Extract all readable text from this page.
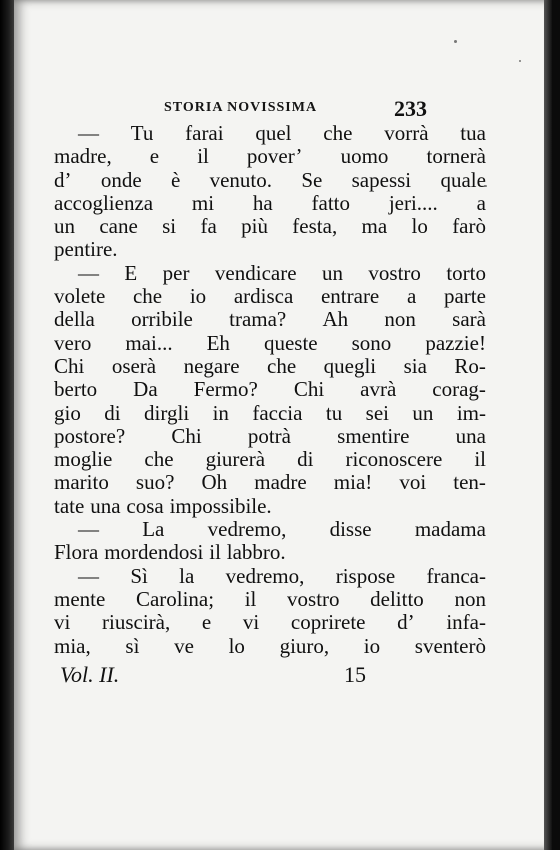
STORIA NOVISSIMA	233
— Tu farai quel che vorrà tua
madre, e il pover’ uomo tornerà
d’ onde è venuto. Se sapessi quale
accoglienza mi ha fatto jeri.... a
un cane si fa più festa, ma lo farò
pentire.
— E per vendicare un vostro torto
volete che io ardisca entrare a parte
della orribile trama? Ah non sarà
vero mai... Eh queste sono pazzie!
Chi oserà negare che quegli sia Ro-
berto Da Fermo? Chi avrà corag-
gio di dirgli in faccia tu sei un im-
postore? Chi potrà smentire una
moglie che giurerà di riconoscere il
marito suo? Oh madre mia! voi ten-
tate una cosa impossibile.
— La vedremo, disse madama
Flora mordendosi il labbro.
— Sì la vedremo, rispose franca-
mente Carolina; il vostro delitto non
vi riuscirà, e vi coprirete d’ infa-
mia, sì ve lo giuro, io sventerò
Vol. II.	15
